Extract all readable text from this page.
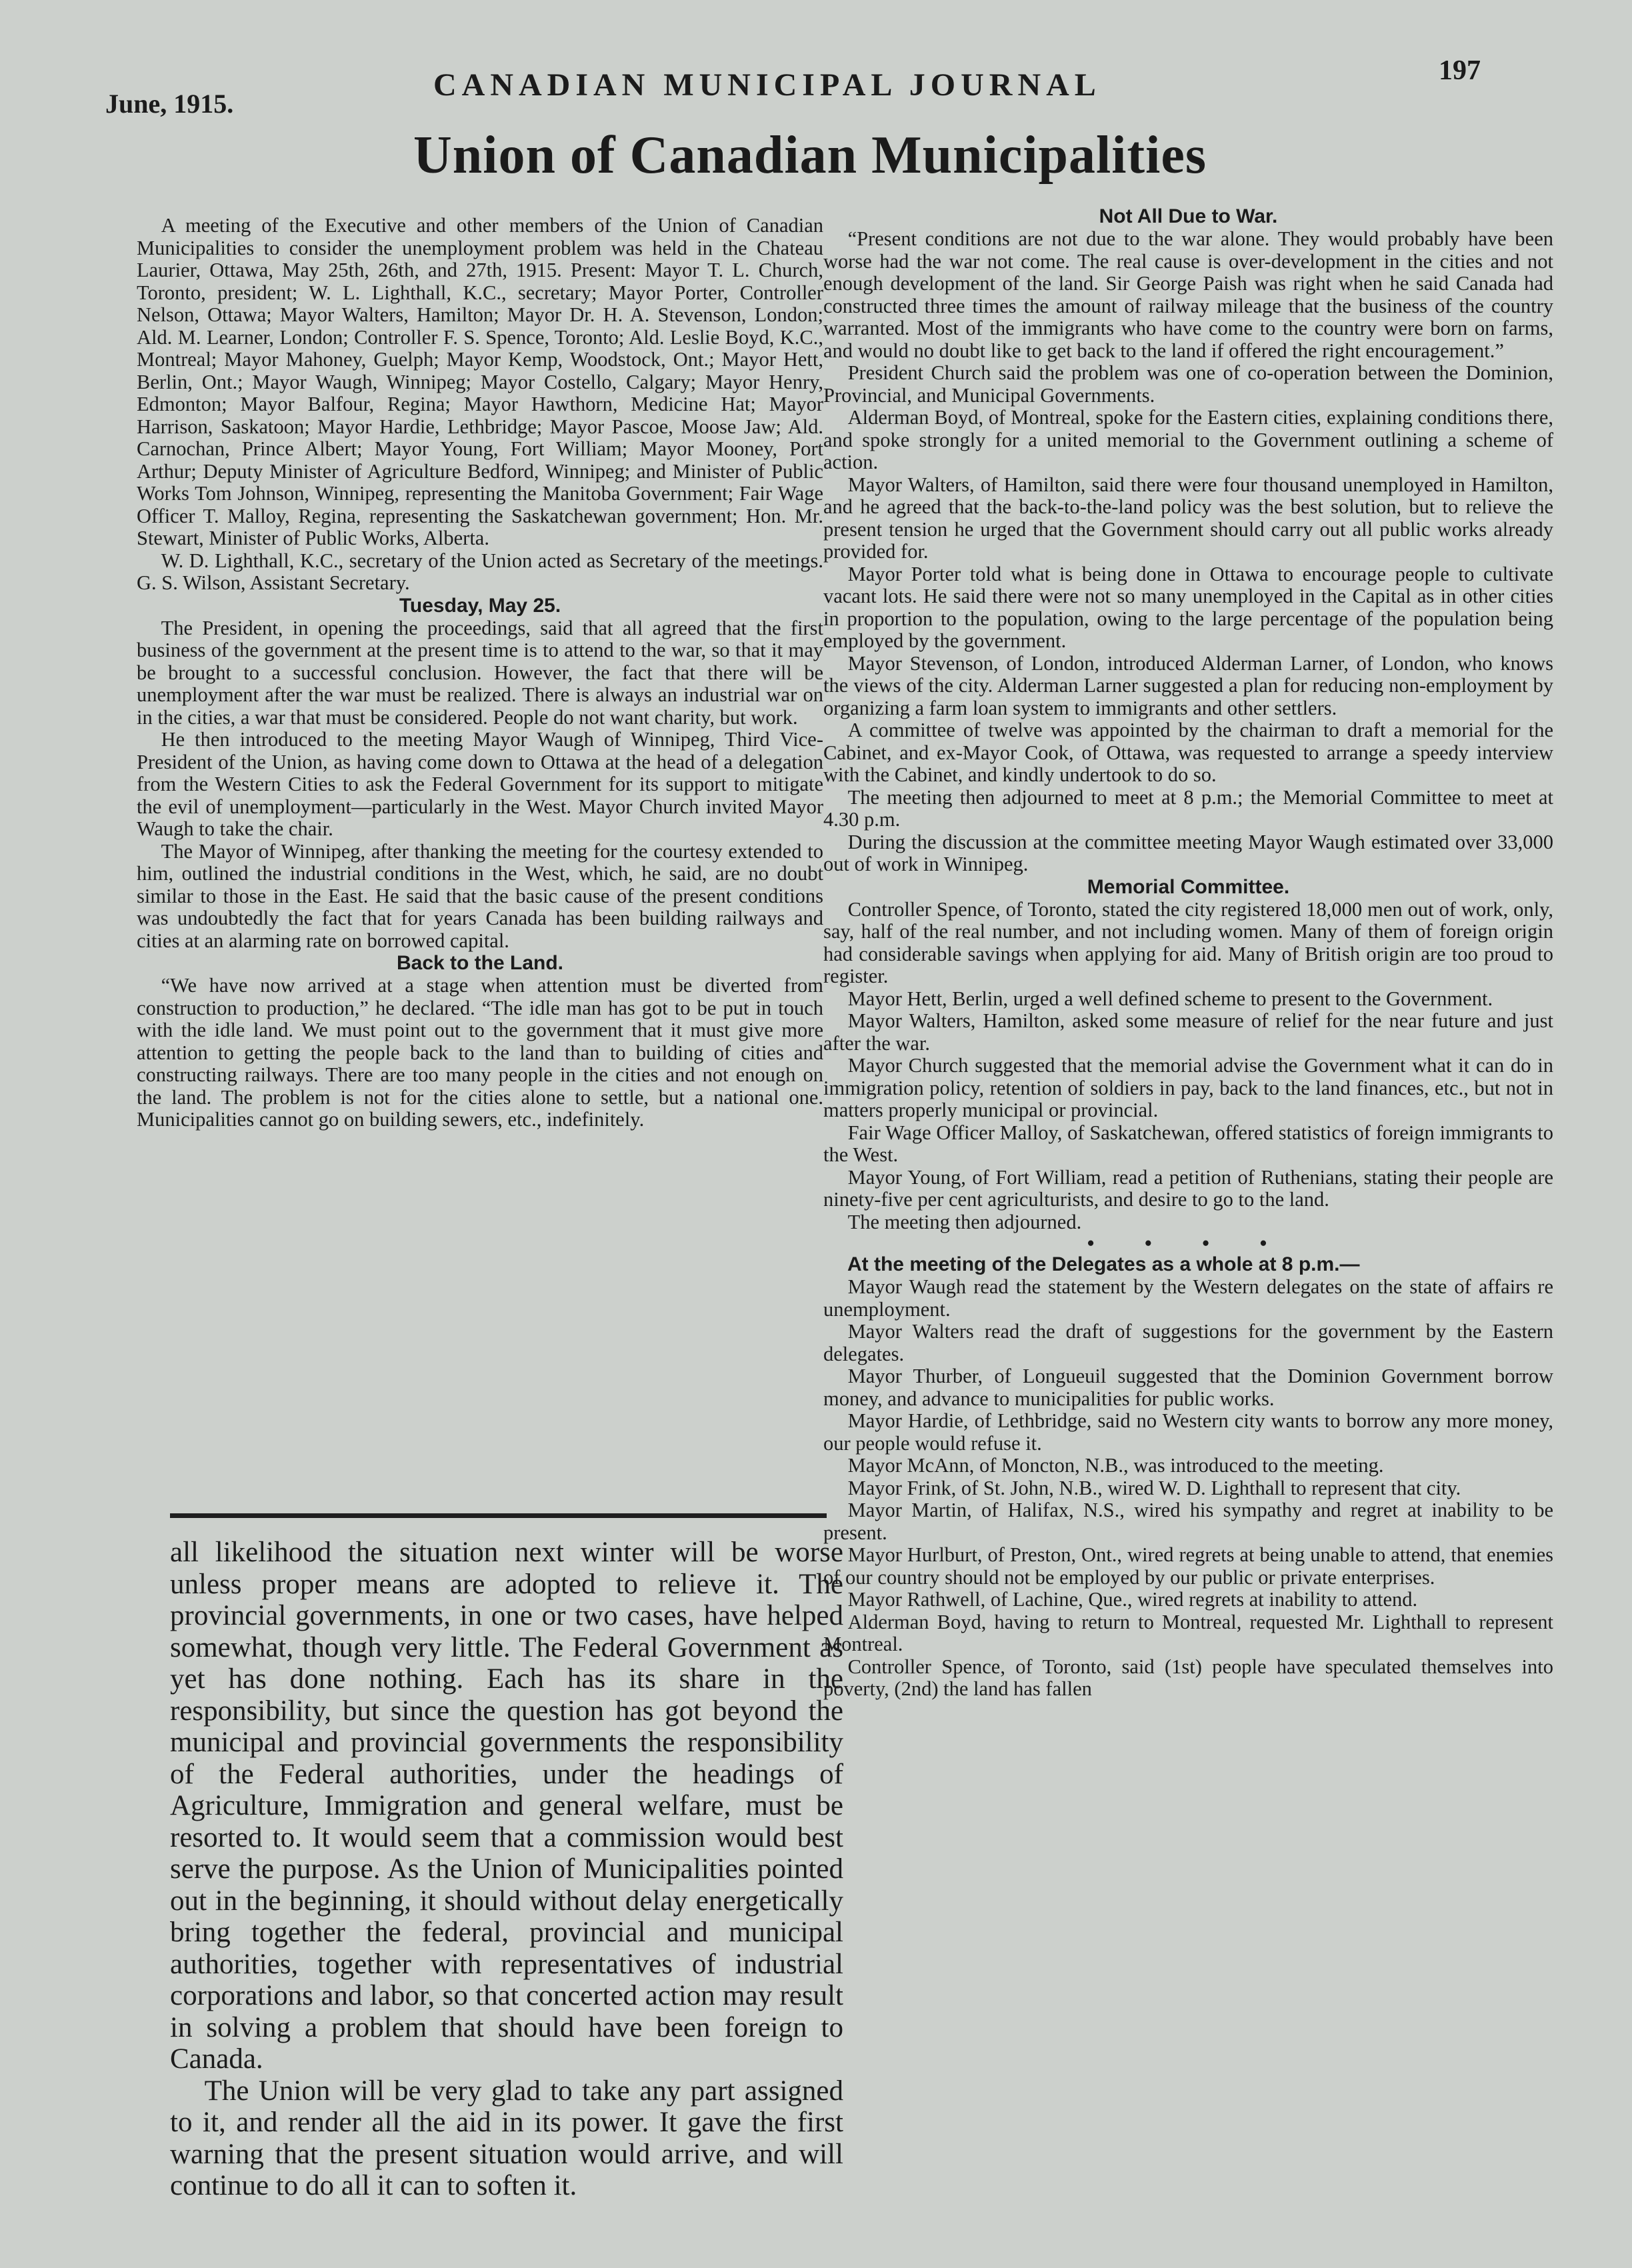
June, 1915.
CANADIAN MUNICIPAL JOURNAL	197
Union of Canadian Municipalities

A meeting of the Executive and other members of the Union of Canadian Municipalities to consider the unemployment problem was held in the Chateau Laurier, Ottawa, May 25th, 26th, and 27th, 1915. Present: Mayor T. L. Church, Toronto, president; W. L. Lighthall, K.C., secretary; Mayor Porter, Controller Nelson, Ottawa; Mayor Walters, Hamilton; Mayor Dr. H. A. Stevenson, London; Ald. M. Learner, London; Controller F. S. Spence, Toronto; Ald. Leslie Boyd, K.C., Montreal; Mayor Mahoney, Guelph; Mayor Kemp, Woodstock, Ont.; Mayor Hett, Berlin, Ont.; Mayor Waugh, Winnipeg; Mayor Costello, Calgary; Mayor Henry, Edmonton; Mayor Balfour, Regina; Mayor Hawthorn, Medicine Hat; Mayor Harrison, Saskatoon; Mayor Hardie, Lethbridge; Mayor Pascoe, Moose Jaw; Ald. Carnochan, Prince Albert; Mayor Young, Fort William; Mayor Mooney, Port Arthur; Deputy Minister of Agriculture Bedford, Winnipeg; and Minister of Public Works Tom Johnson, Winnipeg, representing the Manitoba Government; Fair Wage Officer T. Malloy, Regina, representing the Saskatchewan government; Hon. Mr. Stewart, Minister of Public Works, Alberta.

W. D. Lighthall, K.C., secretary of the Union acted as Secretary of the meetings. G. S. Wilson, Assistant Secretary.

Tuesday, May 25.

The President, in opening the proceedings, said that all agreed that the first business of the government at the present time is to attend to the war, so that it may be brought to a successful conclusion. However, the fact that there will be unemployment after the war must be realized. There is always an industrial war on in the cities, a war that must be considered. People do not want charity, but work.

He then introduced to the meeting Mayor Waugh of Winnipeg, Third Vice-President of the Union, as having come down to Ottawa at the head of a delegation from the Western Cities to ask the Federal Government for its support to mitigate the evil of unemployment—particularly in the West. Mayor Church invited Mayor Waugh to take the chair.

The Mayor of Winnipeg, after thanking the meeting for the courtesy extended to him, outlined the industrial conditions in the West, which, he said, are no doubt similar to those in the East. He said that the basic cause of the present conditions was undoubtedly the fact that for years Canada has been building railways and cities at an alarming rate on borrowed capital.

Back to the Land.

“We have now arrived at a stage when attention must be diverted from construction to production,” he declared. “The idle man has got to be put in touch with the idle land. We must point out to the government that it must give more attention to getting the people back to the land than to building of cities and constructing railways. There are too many people in the cities and not enough on the land. The problem is not for the cities alone to settle, but a national one. Municipalities cannot go on building sewers, etc., indefinitely.

all likelihood the situation next winter will be worse unless proper means are adopted to relieve it. The provincial governments, in one or two cases, have helped somewhat, though very little. The Federal Government as yet has done nothing. Each has its share in the responsibility, but since the question has got beyond the municipal and provincial governments the responsibility of the Federal authorities, under the headings of Agriculture, Immigration and general welfare, must be resorted to. It would seem that a commission would best serve the purpose. As the Union of Municipalities pointed out in the beginning, it should without delay energetically bring together the federal, provincial and municipal authorities, together with representatives of industrial corporations and labor, so that concerted action may result in solving a problem that should have been foreign to Canada.

The Union will be very glad to take any part assigned to it, and render all the aid in its power. It gave the first warning that the present situation would arrive, and will continue to do all it can to soften it.

Not All Due to War.

“Present conditions are not due to the war alone. They would probably have been worse had the war not come. The real cause is over-development in the cities and not enough development of the land. Sir George Paish was right when he said Canada had constructed three times the amount of railway mileage that the business of the country warranted. Most of the immigrants who have come to the country were born on farms, and would no doubt like to get back to the land if offered the right encouragement.”

President Church said the problem was one of co-operation between the Dominion, Provincial, and Municipal Governments.

Alderman Boyd, of Montreal, spoke for the Eastern cities, explaining conditions there, and spoke strongly for a united memorial to the Government outlining a scheme of action.

Mayor Walters, of Hamilton, said there were four thousand unemployed in Hamilton, and he agreed that the back-to-the-land policy was the best solution, but to relieve the present tension he urged that the Government should carry out all public works already provided for.

Mayor Porter told what is being done in Ottawa to encourage people to cultivate vacant lots. He said there were not so many unemployed in the Capital as in other cities in proportion to the population, owing to the large percentage of the population being employed by the government.

Mayor Stevenson, of London, introduced Alderman Larner, of London, who knows the views of the city. Alderman Larner suggested a plan for reducing non-employment by organizing a farm loan system to immigrants and other settlers.

A committee of twelve was appointed by the chairman to draft a memorial for the Cabinet, and ex-Mayor Cook, of Ottawa, was requested to arrange a speedy interview with the Cabinet, and kindly undertook to do so.

The meeting then adjourned to meet at 8 p.m.; the Memorial Committee to meet at 4.30 p.m.

During the discussion at the committee meeting Mayor Waugh estimated over 33,000 out of work in Winnipeg.

Memorial Committee.

Controller Spence, of Toronto, stated the city registered 18,000 men out of work, only, say, half of the real number, and not including women. Many of them of foreign origin had considerable savings when applying for aid. Many of British origin are too proud to register.

Mayor Hett, Berlin, urged a well defined scheme to present to the Government.

Mayor Walters, Hamilton, asked some measure of relief for the near future and just after the war.

Mayor Church suggested that the memorial advise the Government what it can do in immigration policy, retention of soldiers in pay, back to the land finances, etc., but not in matters properly municipal or provincial.

Fair Wage Officer Malloy, of Saskatchewan, offered statistics of foreign immigrants to the West.

Mayor Young, of Fort William, read a petition of Ruthenians, stating their people are ninety-five per cent agriculturists, and desire to go to the land.

The meeting then adjourned.

• • • •
At the meeting of the Delegates as a whole at 8 p.m.—

Mayor Waugh read the statement by the Western delegates on the state of affairs re unemployment.

Mayor Walters read the draft of suggestions for the government by the Eastern delegates.

Mayor Thurber, of Longueuil suggested that the Dominion Government borrow money, and advance to municipalities for public works.

Mayor Hardie, of Lethbridge, said no Western city wants to borrow any more money, our people would refuse it.

Mayor McAnn, of Moncton, N.B., was introduced to the meeting.

Mayor Frink, of St. John, N.B., wired W. D. Lighthall to represent that city.

Mayor Martin, of Halifax, N.S., wired his sympathy and regret at inability to be present.

Mayor Hurlburt, of Preston, Ont., wired regrets at being unable to attend, that enemies of our country should not be employed by our public or private enterprises.

Mayor Rathwell, of Lachine, Que., wired regrets at inability to attend.

Alderman Boyd, having to return to Montreal, requested Mr. Lighthall to represent Montreal.

Controller Spence, of Toronto, said (1st) people have speculated themselves into poverty, (2nd) the land has fallen
